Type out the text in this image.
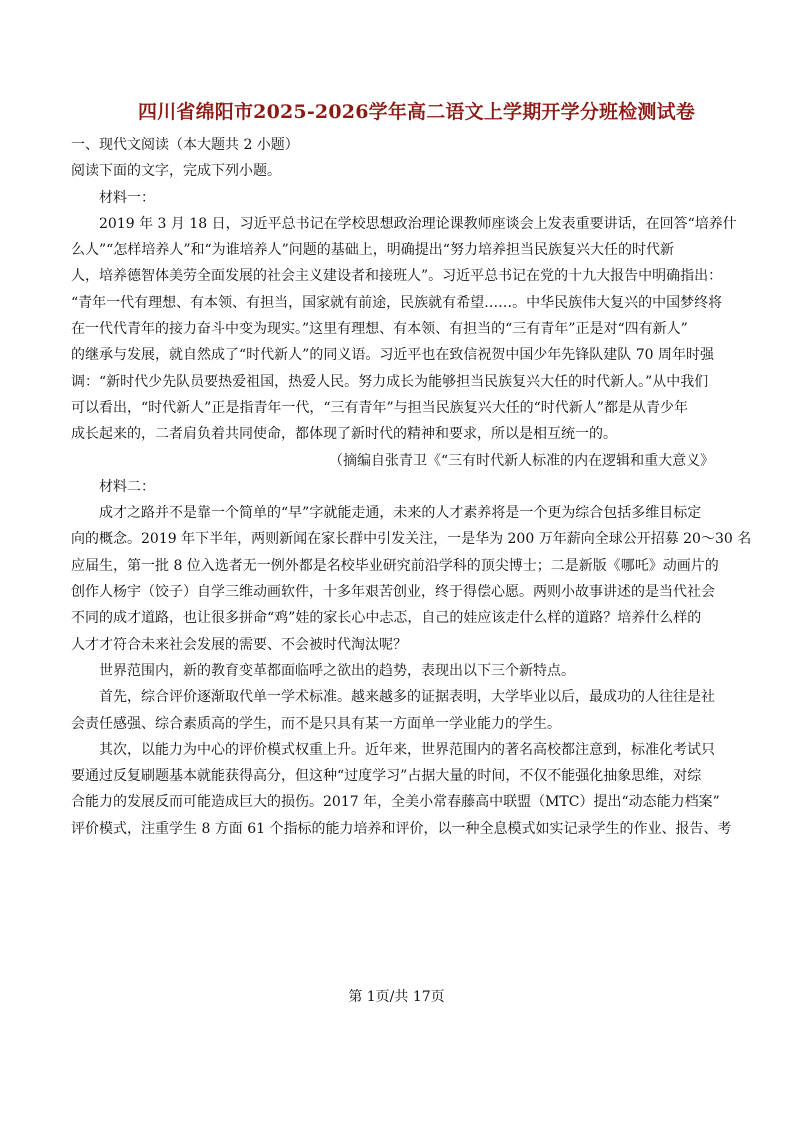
四川省绵阳市2025-2026学年高二语文上学期开学分班检测试卷
一、现代文阅读（本大题共 2 小题）
阅读下面的文字，完成下列小题。
材料一：
2019 年 3 月 18 日，习近平总书记在学校思想政治理论课教师座谈会上发表重要讲话，在回答“培养什
么人”“怎样培养人”和“为谁培养人”问题的基础上，明确提出“努力培养担当民族复兴大任的时代新
人，培养德智体美劳全面发展的社会主义建设者和接班人”。习近平总书记在党的十九大报告中明确指出：
“青年一代有理想、有本领、有担当，国家就有前途，民族就有希望……。中华民族伟大复兴的中国梦终将
在一代代青年的接力奋斗中变为现实。”这里有理想、有本领、有担当的“三有青年”正是对“四有新人”
的继承与发展，就自然成了“时代新人”的同义语。习近平也在致信祝贺中国少年先锋队建队 70 周年时强
调：“新时代少先队员要热爱祖国，热爱人民。努力成长为能够担当民族复兴大任的时代新人。”从中我们
可以看出，“时代新人”正是指青年一代，“三有青年”与担当民族复兴大任的“时代新人”都是从青少年
成长起来的，二者肩负着共同使命，都体现了新时代的精神和要求，所以是相互统一的。
（摘编自张青卫《“三有时代新人标准的内在逻辑和重大意义》
材料二：
成才之路并不是靠一个简单的“早”字就能走通，未来的人才素养将是一个更为综合包括多维目标定
向的概念。2019 年下半年，两则新闻在家长群中引发关注，一是华为 200 万年薪向全球公开招募 20～30 名
应届生，第一批 8 位入选者无一例外都是名校毕业研究前沿学科的顶尖博士；二是新版《哪吒》动画片的
创作人杨宇（饺子）自学三维动画软件，十多年艰苦创业，终于得偿心愿。两则小故事讲述的是当代社会
不同的成才道路，也让很多拼命“鸡”娃的家长心中忐忑，自己的娃应该走什么样的道路？培养什么样的
人才才符合未来社会发展的需要、不会被时代淘汰呢？
世界范围内，新的教育变革都面临呼之欲出的趋势，表现出以下三个新特点。
首先，综合评价逐渐取代单一学术标准。越来越多的证据表明，大学毕业以后，最成功的人往往是社
会责任感强、综合素质高的学生，而不是只具有某一方面单一学业能力的学生。
其次，以能力为中心的评价模式权重上升。近年来，世界范围内的著名高校都注意到，标准化考试只
要通过反复刷题基本就能获得高分，但这种“过度学习”占据大量的时间，不仅不能强化抽象思维，对综
合能力的发展反而可能造成巨大的损伤。2017 年，全美小常春藤高中联盟（MTC）提出“动态能力档案”
评价模式，注重学生 8 方面 61 个指标的能力培养和评价，以一种全息模式如实记录学生的作业、报告、考
第 1页/共 17页
